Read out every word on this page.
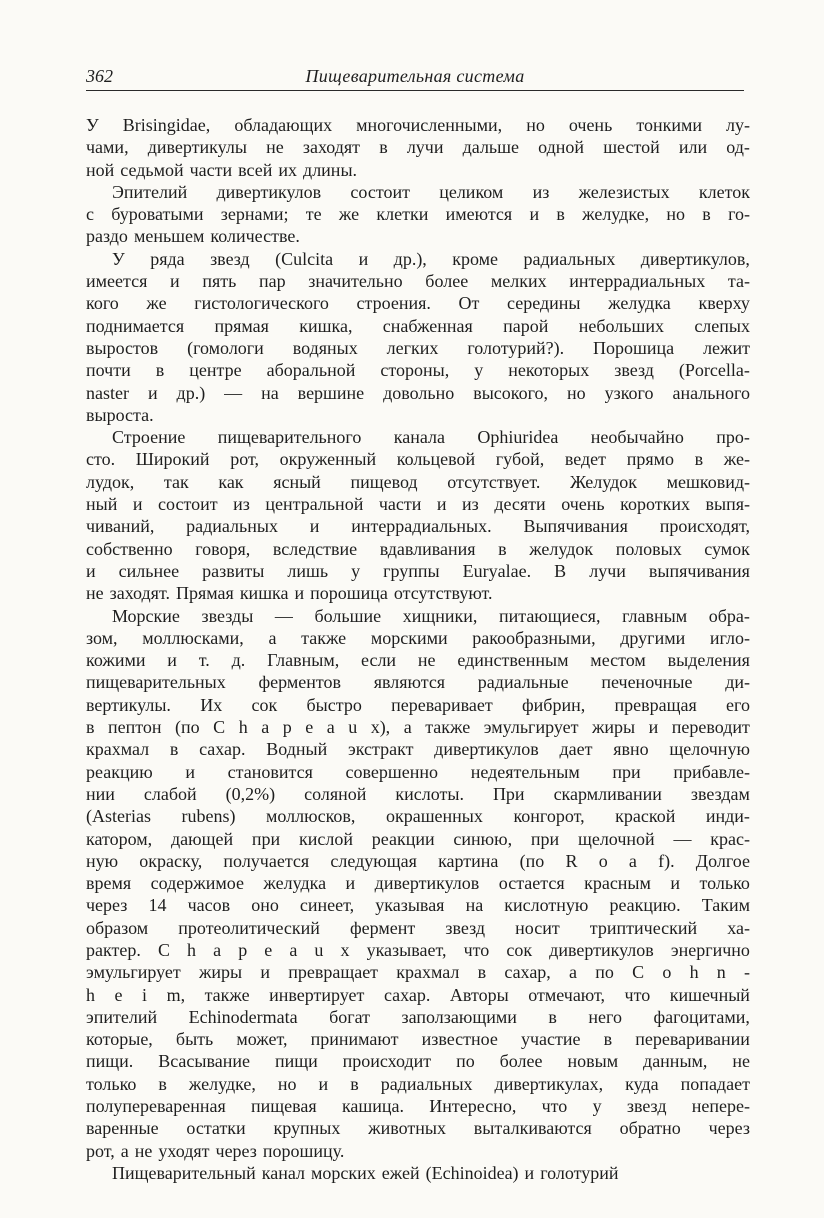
362	Пищеварительная система
У Brisingidae, обладающих многочисленными, но очень тонкими лу-
чами, дивертикулы не заходят в лучи дальше одной шестой или од-
ной седьмой части всей их длины.
Эпителий дивертикулов состоит целиком из железистых клеток
с буроватыми зернами; те же клетки имеются и в желудке, но в го-
раздо меньшем количестве.
У ряда звезд (Culcita и др.), кроме радиальных дивертикулов,
имеется и пять пар значительно более мелких интеррадиальных та-
кого же гистологического строения. От середины желудка кверху
поднимается прямая кишка, снабженная парой небольших слепых
выростов (гомологи водяных легких голотурий?). Порошица лежит
почти в центре аборальной стороны, у некоторых звезд (Porcella-
naster и др.) — на вершине довольно высокого, но узкого анального
выроста.
Строение пищеварительного канала Ophiuridea необычайно про-
сто. Широкий рот, окруженный кольцевой губой, ведет прямо в же-
лудок, так как ясный пищевод отсутствует. Желудок мешковид-
ный и состоит из центральной части и из десяти очень коротких выпя-
чиваний, радиальных и интеррадиальных. Выпячивания происходят,
собственно говоря, вследствие вдавливания в желудок половых сумок
и сильнее развиты лишь у группы Euryalae. В лучи выпячивания
не заходят. Прямая кишка и порошица отсутствуют.
Морские звезды — большие хищники, питающиеся, главным обра-
зом, моллюсками, а также морскими ракообразными, другими игло-
кожими и т. д. Главным, если не единственным местом выделения
пищеварительных ферментов являются радиальные печеночные ди-
вертикулы. Их сок быстро переваривает фибрин, превращая его
в пептон (по C h a p e a u x), а также эмульгирует жиры и переводит
крахмал в сахар. Водный экстракт дивертикулов дает явно щелочную
реакцию и становится совершенно недеятельным при прибавле-
нии слабой (0,2%) соляной кислоты. При скармливании звездам
(Asterias rubens) моллюсков, окрашенных конгорот, краской инди-
катором, дающей при кислой реакции синюю, при щелочной — крас-
ную окраску, получается следующая картина (по R o a f). Долгое
время содержимое желудка и дивертикулов остается красным и только
через 14 часов оно синеет, указывая на кислотную реакцию. Таким
образом протеолитический фермент звезд носит триптический ха-
рактер. C h a p e a u x указывает, что сок дивертикулов энергично
эмульгирует жиры и превращает крахмал в сахар, а по C o h n -
h e i m, также инвертирует сахар. Авторы отмечают, что кишечный
эпителий Echinodermata богат заползающими в него фагоцитами,
которые, быть может, принимают известное участие в переваривании
пищи. Всасывание пищи происходит по более новым данным, не
только в желудке, но и в радиальных дивертикулах, куда попадает
полупереваренная пищевая кашица. Интересно, что у звезд непере-
варенные остатки крупных животных выталкиваются обратно через
рот, а не уходят через порошицу.
Пищеварительный канал морских ежей (Echinoidea) и голотурий
